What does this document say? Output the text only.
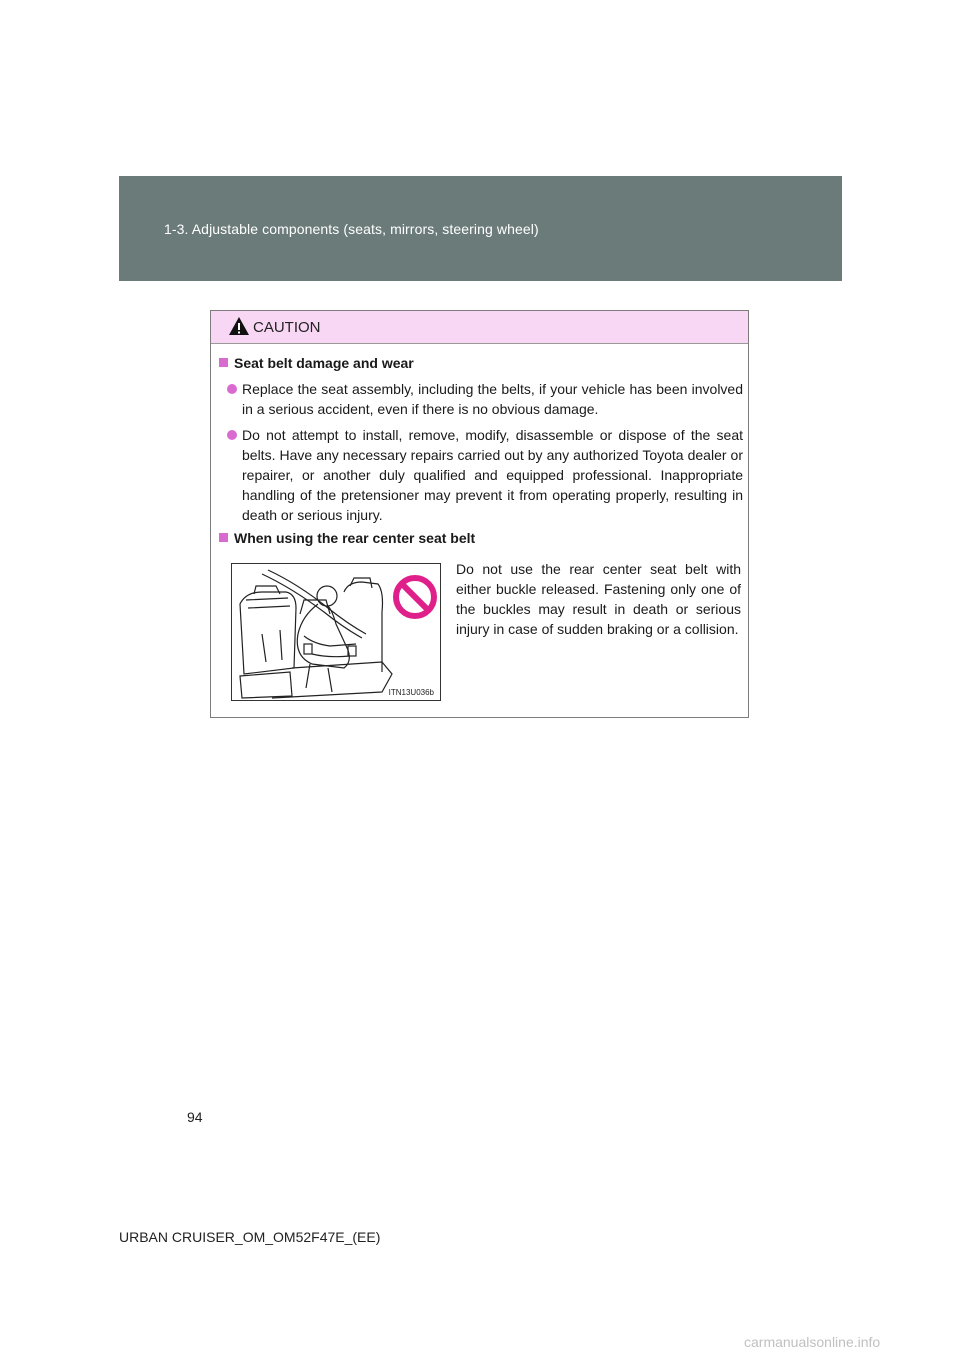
1-3. Adjustable components (seats, mirrors, steering wheel)
CAUTION
Seat belt damage and wear
Replace the seat assembly, including the belts, if your vehicle has been involved in a serious accident, even if there is no obvious damage.
Do not attempt to install, remove, modify, disassemble or dispose of the seat belts. Have any necessary repairs carried out by any authorized Toyota dealer or repairer, or another duly qualified and equipped professional. Inappropriate handling of the pretensioner may prevent it from operating properly, resulting in death or serious injury.
When using the rear center seat belt
ITN13U036b
Do not use the rear center seat belt with either buckle released. Fastening only one of the buckles may result in death or serious injury in case of sudden braking or a collision.
94
URBAN CRUISER_OM_OM52F47E_(EE)
carmanualsonline.info
